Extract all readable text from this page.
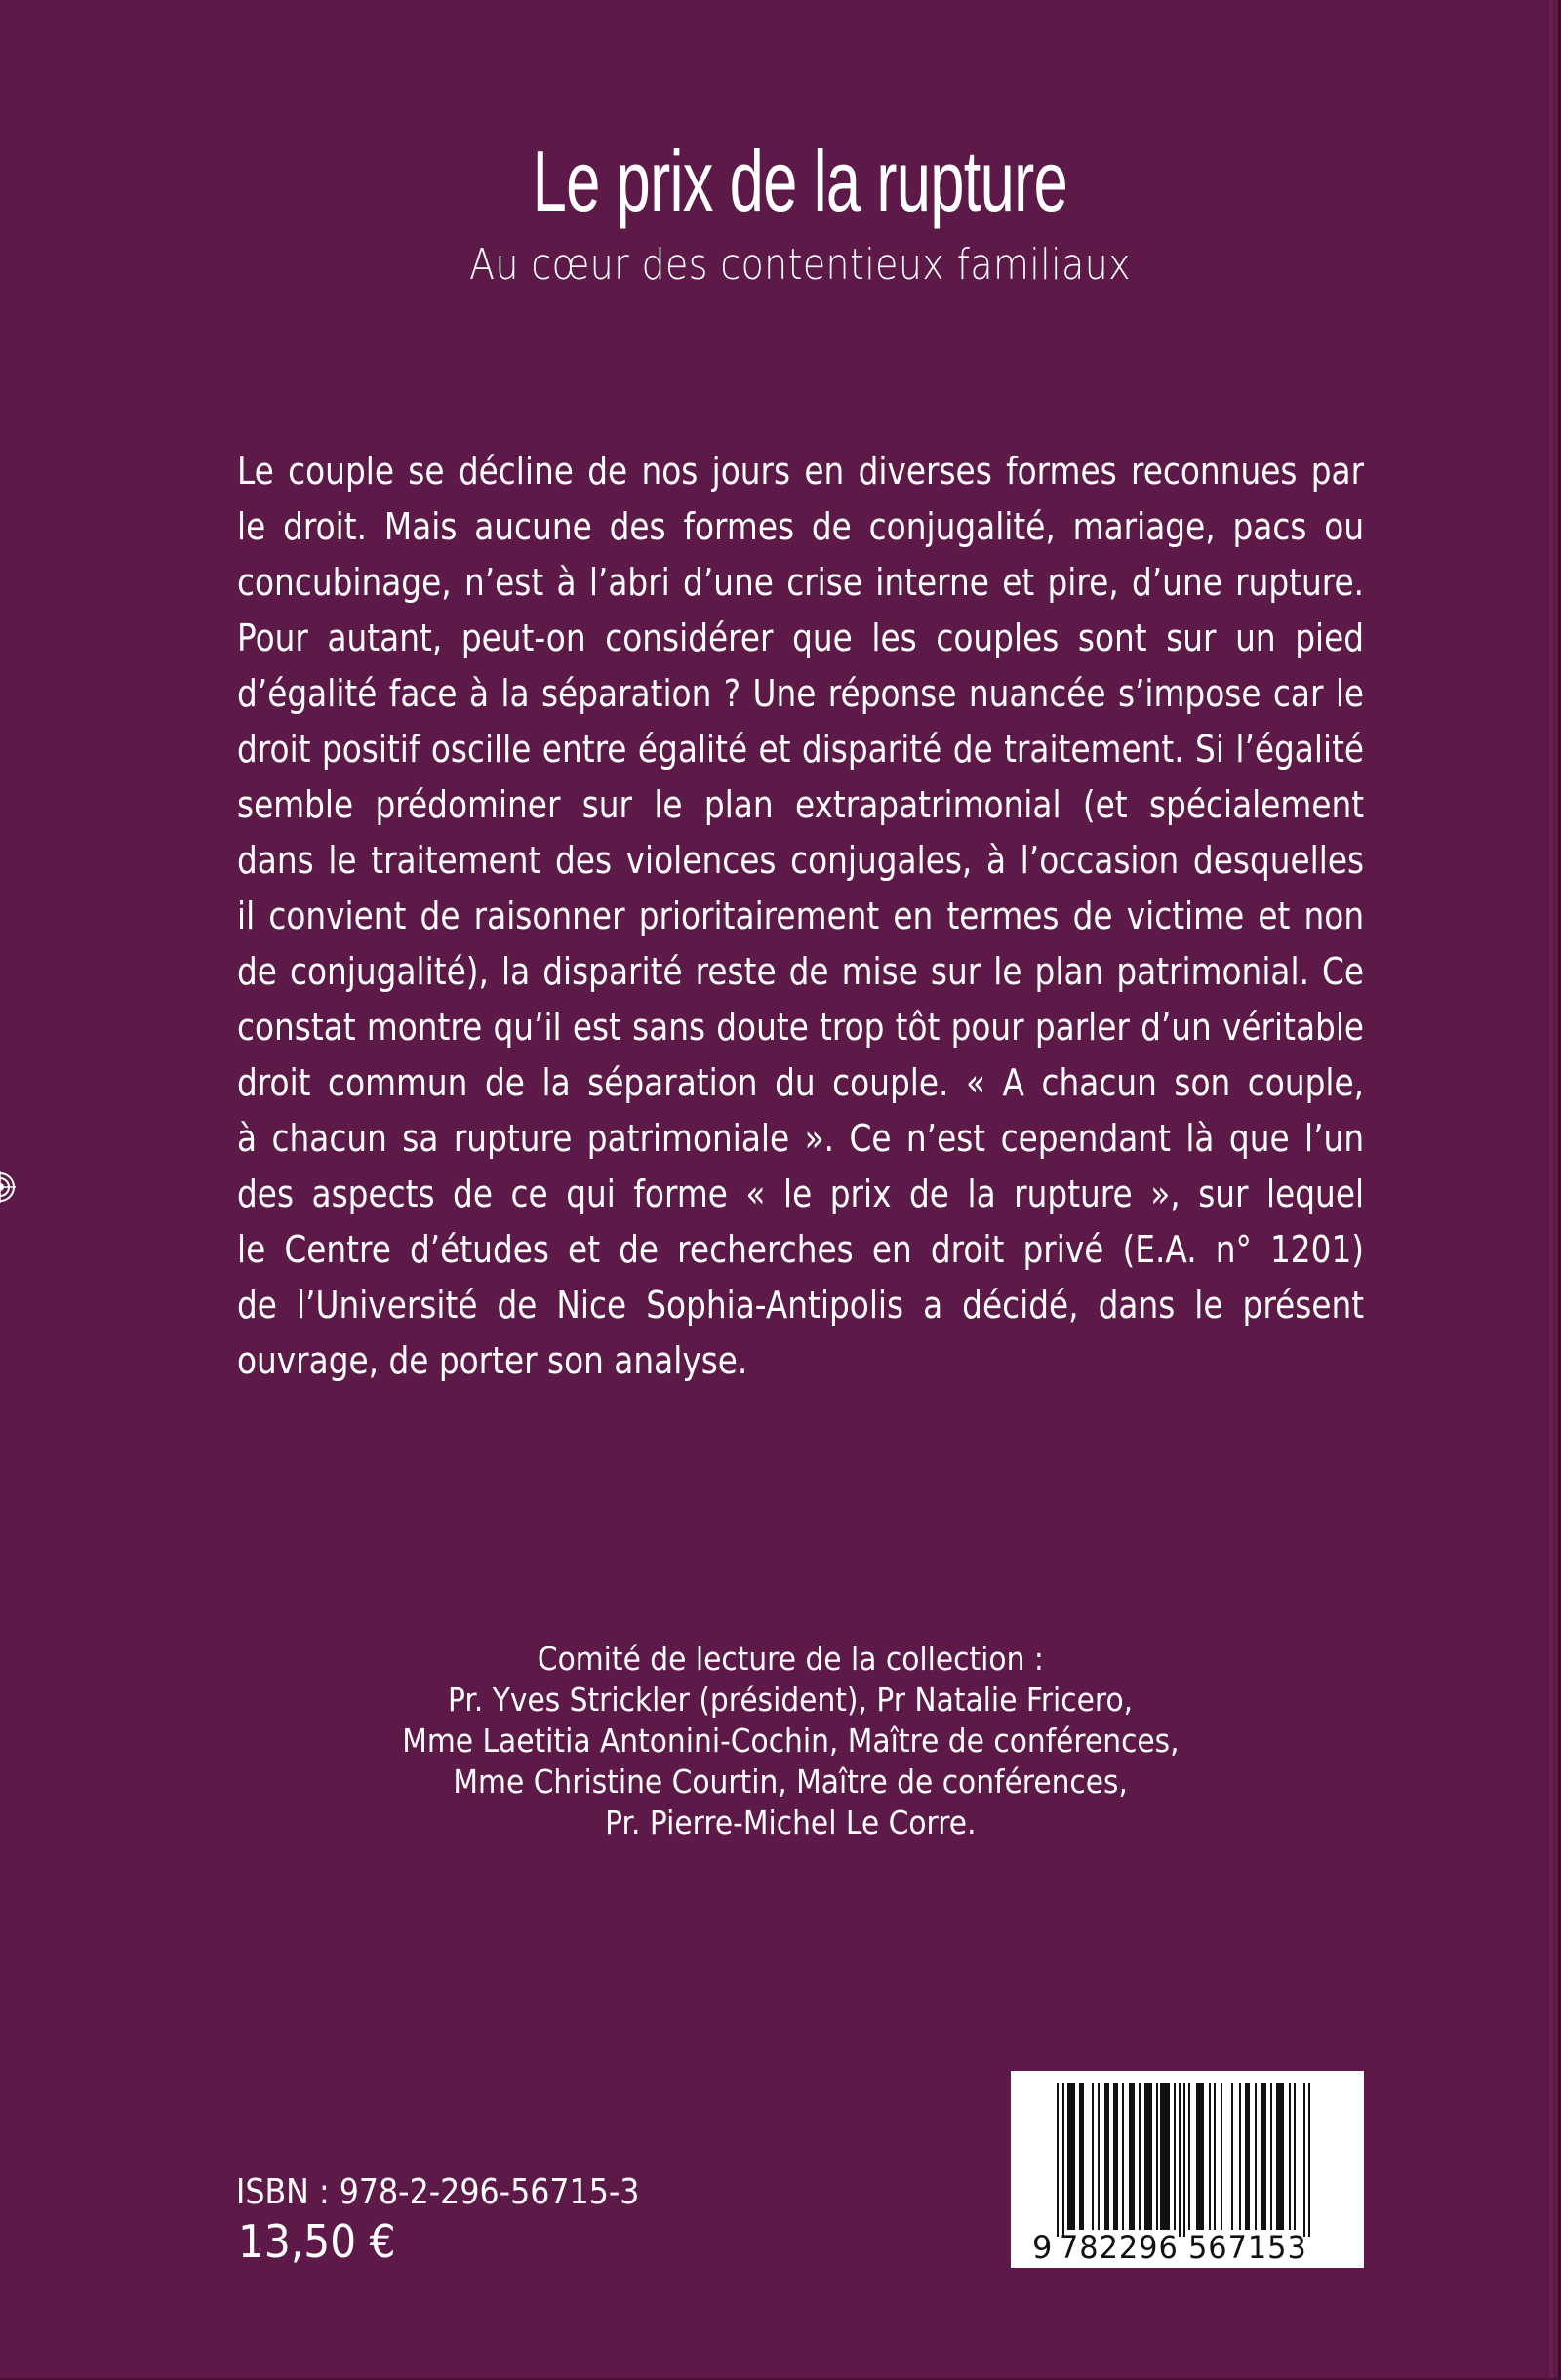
Le prix de la rupture
Au cœur des contentieux familiaux
Le couple se décline de nos jours en diverses formes reconnues par
le droit. Mais aucune des formes de conjugalité, mariage, pacs ou
concubinage, n’est à l’abri d’une crise interne et pire, d’une rupture.
Pour autant, peut-on considérer que les couples sont sur un pied
d’égalité face à la séparation ? Une réponse nuancée s’impose car le
droit positif oscille entre égalité et disparité de traitement. Si l’égalité
semble prédominer sur le plan extrapatrimonial (et spécialement
dans le traitement des violences conjugales, à l’occasion desquelles
il convient de raisonner prioritairement en termes de victime et non
de conjugalité), la disparité reste de mise sur le plan patrimonial. Ce
constat montre qu’il est sans doute trop tôt pour parler d’un véritable
droit commun de la séparation du couple. « A chacun son couple,
à chacun sa rupture patrimoniale ». Ce n’est cependant là que l’un
des aspects de ce qui forme « le prix de la rupture », sur lequel
le Centre d’études et de recherches en droit privé (E.A. n° 1201)
de l’Université de Nice Sophia-Antipolis a décidé, dans le présent
ouvrage, de porter son analyse.
Comité de lecture de la collection :
Pr. Yves Strickler (président), Pr Natalie Fricero,
Mme Laetitia Antonini-Cochin, Maître de conférences,
Mme Christine Courtin, Maître de conférences,
Pr. Pierre-Michel Le Corre.
ISBN : 978-2-296-56715-3
13,50 €	9 782296 567153
